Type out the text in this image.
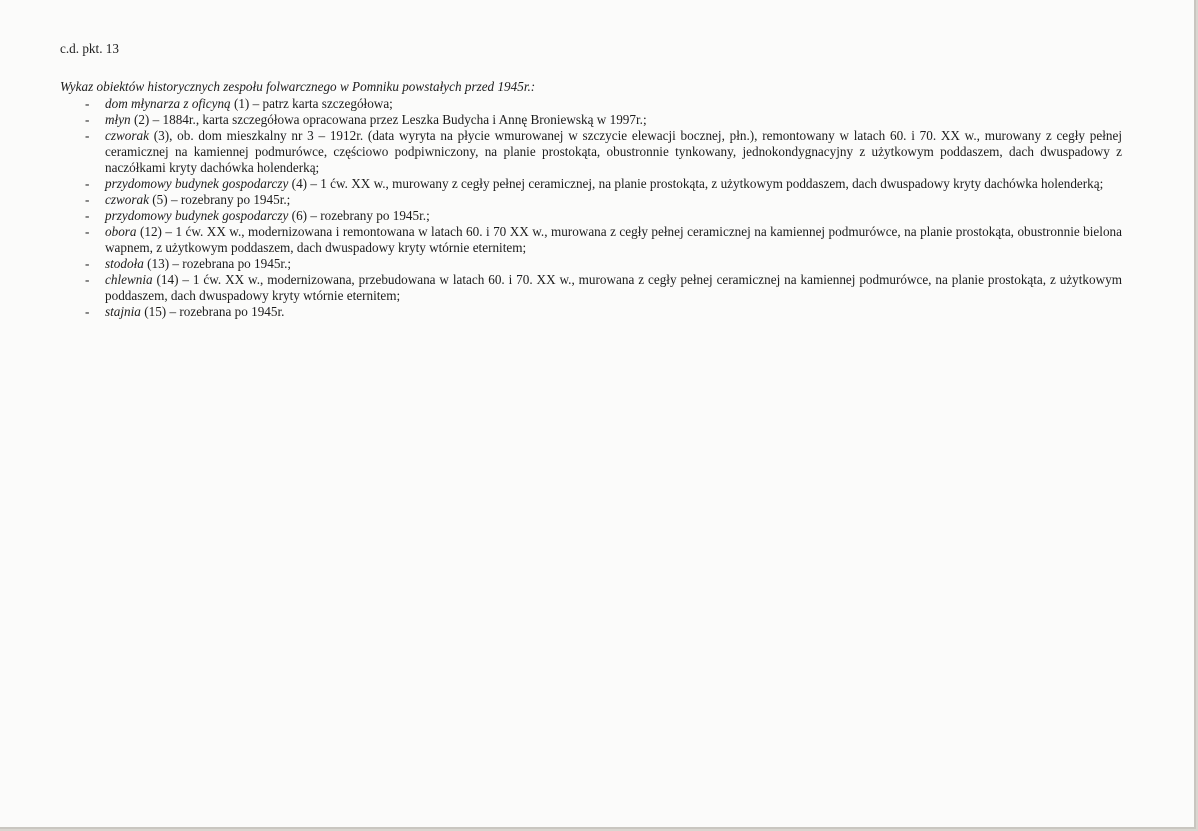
c.d. pkt. 13
Wykaz obiektów historycznych zespołu folwarcznego w Pomniku powstałych przed 1945r.:
- dom młynarza z oficyną (1) – patrz karta szczegółowa;
- młyn (2) – 1884r., karta szczegółowa opracowana przez Leszka Budycha i Annę Broniewską w 1997r.;
- czworak (3), ob. dom mieszkalny nr 3 – 1912r. (data wyryta na płycie wmurowanej w szczycie elewacji bocznej, płn.), remontowany w latach 60. i 70. XX w., murowany z cegły pełnej ceramicznej na kamiennej podmurówce, częściowo podpiwniczony, na planie prostokąta, obustronnie tynkowany, jednokondygnacyjny z użytkowym poddaszem, dach dwuspadowy z naczółkami kryty dachówka holenderką;
- przydomowy budynek gospodarczy (4) – 1 ćw. XX w., murowany z cegły pełnej ceramicznej, na planie prostokąta, z użytkowym poddaszem, dach dwuspadowy kryty dachówka holenderką;
- czworak (5) – rozebrany po 1945r.;
- przydomowy budynek gospodarczy (6) – rozebrany po 1945r.;
- obora (12) – 1 ćw. XX w., modernizowana i remontowana w latach 60. i 70 XX w., murowana z cegły pełnej ceramicznej na kamiennej podmurówce, na planie prostokąta, obustronnie bielona wapnem, z użytkowym poddaszem, dach dwuspadowy kryty wtórnie eternitem;
- stodoła (13) – rozebrana po 1945r.;
- chlewnia (14) – 1 ćw. XX w., modernizowana, przebudowana w latach 60. i 70. XX w., murowana z cegły pełnej ceramicznej na kamiennej podmurówce, na planie prostokąta, z użytkowym poddaszem, dach dwuspadowy kryty wtórnie eternitem;
- stajnia (15) – rozebrana po 1945r.
